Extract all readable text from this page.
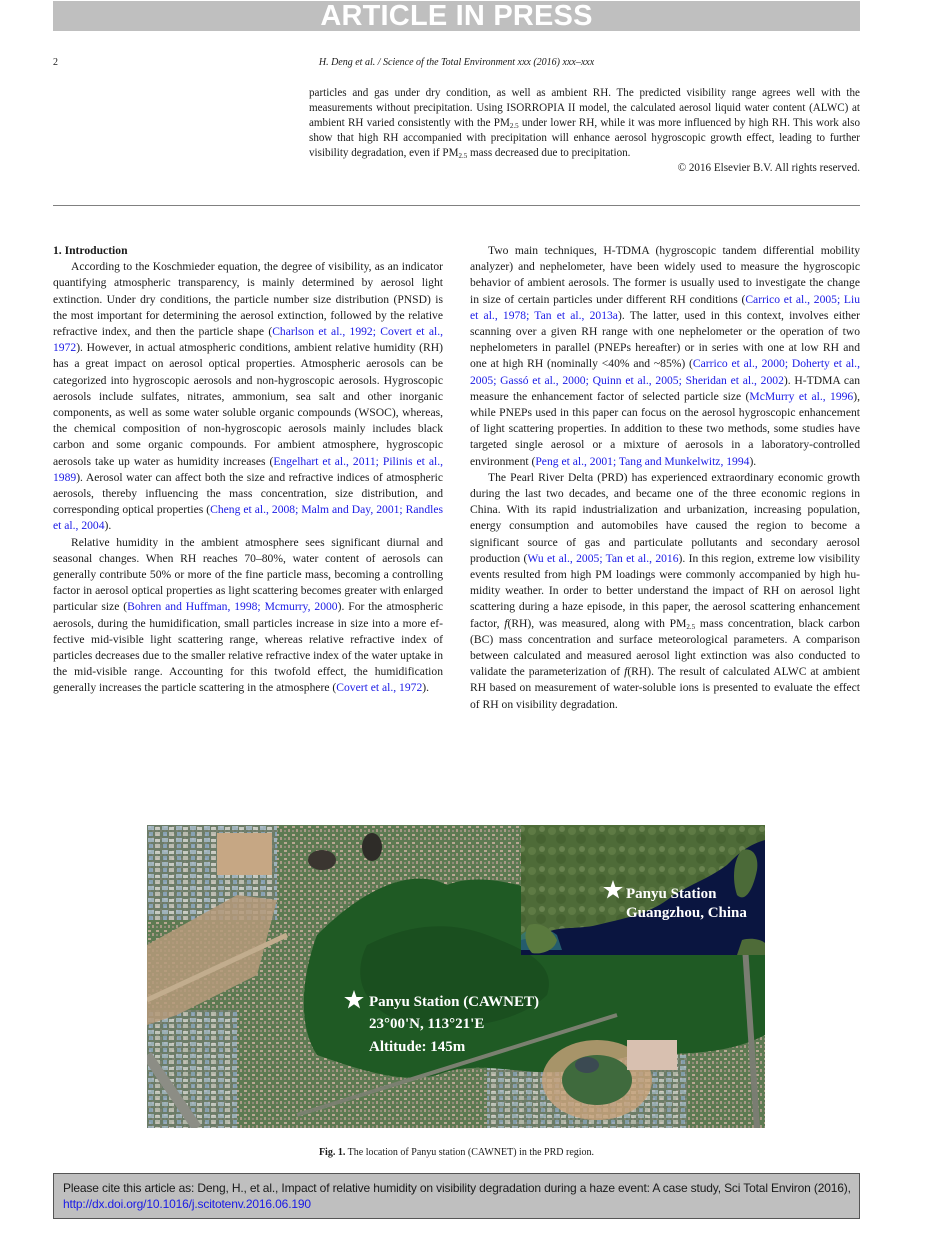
ARTICLE IN PRESS
2	H. Deng et al. / Science of the Total Environment xxx (2016) xxx–xxx

particles and gas under dry condition, as well as ambient RH. The predicted visibility range agrees well with the measurements without precipitation. Using ISORROPIA II model, the calculated aerosol liquid water content (ALWC) at ambient RH varied consistently with the $PM_{2.5}$ under lower RH, while it was more influenced by high RH. This work also show that high RH accompanied with precipitation will enhance aerosol hygroscopic growth effect, leading to further visibility degradation, even if $PM_{2.5}$ mass decreased due to precipitation.

© 2016 Elsevier B.V. All rights reserved.

1. Introduction

According to the Koschmieder equation, the degree of visibility, as an indicator quantifying atmospheric transparency, is mainly determined by aerosol light extinction. Under dry conditions, the particle number size distribution (PNSD) is the most important for determining the aerosol extinction, followed by the relative refractive index, and then the particle shape (Charlson et al., 1992; Covert et al., 1972). However, in actual atmospheric conditions, ambient relative humidity (RH) has a great impact on aerosol optical properties. Atmospheric aerosols can be categorized into hygroscopic aerosols and non-hygroscopic aerosols. Hygroscopic aerosols include sulfates, nitrates, ammonium, sea salt and other inorganic components, as well as some water soluble organic compounds (WSOC), whereas, the chemical composition of non-hygroscopic aerosols mainly includes black carbon and some organic compounds. For ambient atmosphere, hygroscopic aerosols take up water as humidity increases (Engelhart et al., 2011; Pilinis et al., 1989). Aerosol water can affect both the size and refractive indices of atmospheric aerosols, thereby influencing the mass concentration, size distribution, and corresponding optical properties (Cheng et al., 2008; Malm and Day, 2001; Randles et al., 2004).

Relative humidity in the ambient atmosphere sees significant diurnal and seasonal changes. When RH reaches 70–80%, water content of aerosols can generally contribute 50% or more of the fine particle mass, becoming a controlling factor in aerosol optical properties as light scattering becomes greater with enlarged particular size (Bohren and Huffman, 1998; Mcmurry, 2000). For the atmospheric aerosols, during the humidification, small particles increase in size into a more effective mid-visible light scattering range, whereas relative refractive index of particles decreases due to the smaller relative refractive index of the water uptake in the mid-visible range. Accounting for this twofold effect, the humidification generally increases the particle scattering in the atmosphere (Covert et al., 1972).

Two main techniques, H-TDMA (hygroscopic tandem differential mobility analyzer) and nephelometer, have been widely used to measure the hygroscopic behavior of ambient aerosols. The former is usually used to investigate the change in size of certain particles under different RH conditions (Carrico et al., 2005; Liu et al., 1978; Tan et al., 2013a). The latter, used in this context, involves either scanning over a given RH range with one nephelometer or the operation of two nephelometers in parallel (PNEPs hereafter) or in series with one at low RH and one at high RH (nominally <40% and ~85%) (Carrico et al., 2000; Doherty et al., 2005; Gassó et al., 2000; Quinn et al., 2005; Sheridan et al., 2002). H-TDMA can measure the enhancement factor of selected particle size (McMurry et al., 1996), while PNEPs used in this paper can focus on the aerosol hygroscopic enhancement of light scattering properties. In addition to these two methods, some studies have targeted single aerosol or a mixture of aerosols in a laboratory-controlled environment (Peng et al., 2001; Tang and Munkelwitz, 1994).

The Pearl River Delta (PRD) has experienced extraordinary economic growth during the last two decades, and became one of the three economic regions in China. With its rapid industrialization and urbanization, increasing population, energy consumption and automobiles have caused the region to become a significant source of gas and particulate pollutants and secondary aerosol production (Wu et al., 2005; Tan et al., 2016). In this region, extreme low visibility events resulted from high PM loadings were commonly accompanied by high humidity weather. In order to better understand the impact of RH on aerosol light scattering during a haze episode, in this paper, the aerosol scattering enhancement factor, f(RH), was measured, along with $PM_{2.5}$ mass concentration, black carbon (BC) mass concentration and surface meteorological parameters. A comparison between calculated and measured aerosol light extinction was also conducted to validate the parameterization of f(RH). The result of calculated ALWC at ambient RH based on measurement of water-soluble ions is presented to evaluate the effect of RH on visibility degradation.

Panyu Station
Guangzhou, China
Panyu Station (CAWNET)
23°00'N, 113°21'E
Altitude: 145m
Fig. 1. The location of Panyu station (CAWNET) in the PRD region.
Please cite this article as: Deng, H., et al., Impact of relative humidity on visibility degradation during a haze event: A case study, Sci Total Environ (2016), http://dx.doi.org/10.1016/j.scitotenv.2016.06.190
